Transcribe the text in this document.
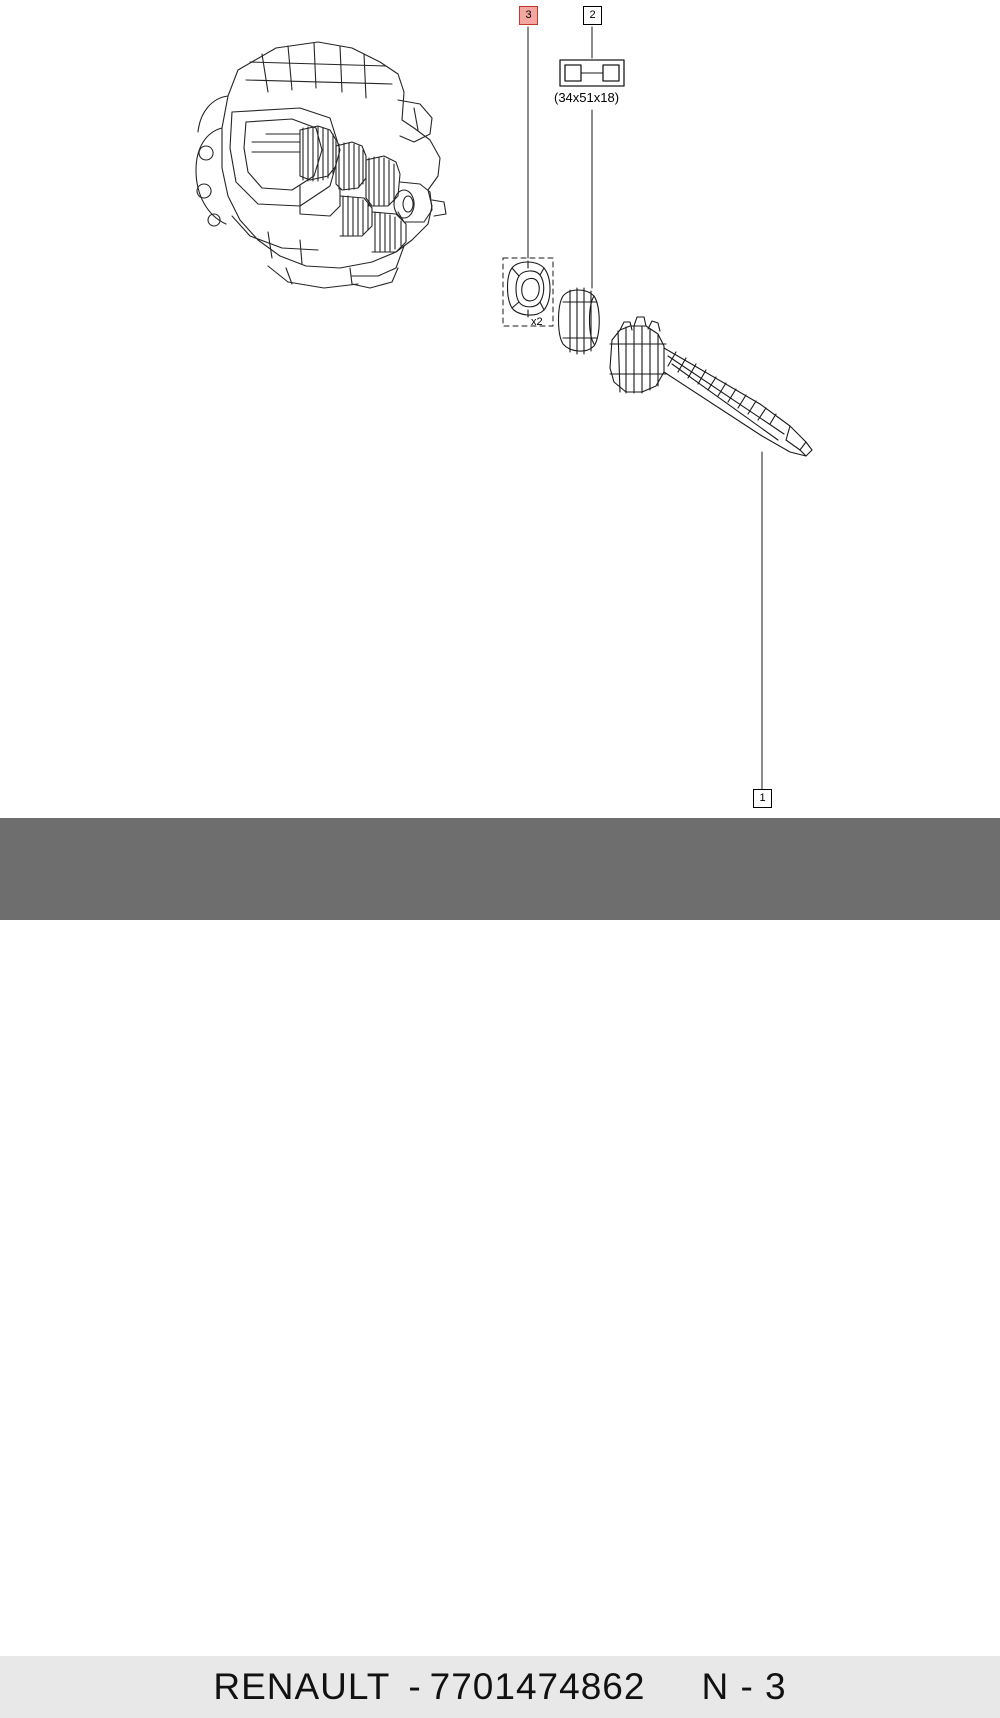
3	2
1
(34x51x18)
x2
RENAULT - 7701474862 N - 3
